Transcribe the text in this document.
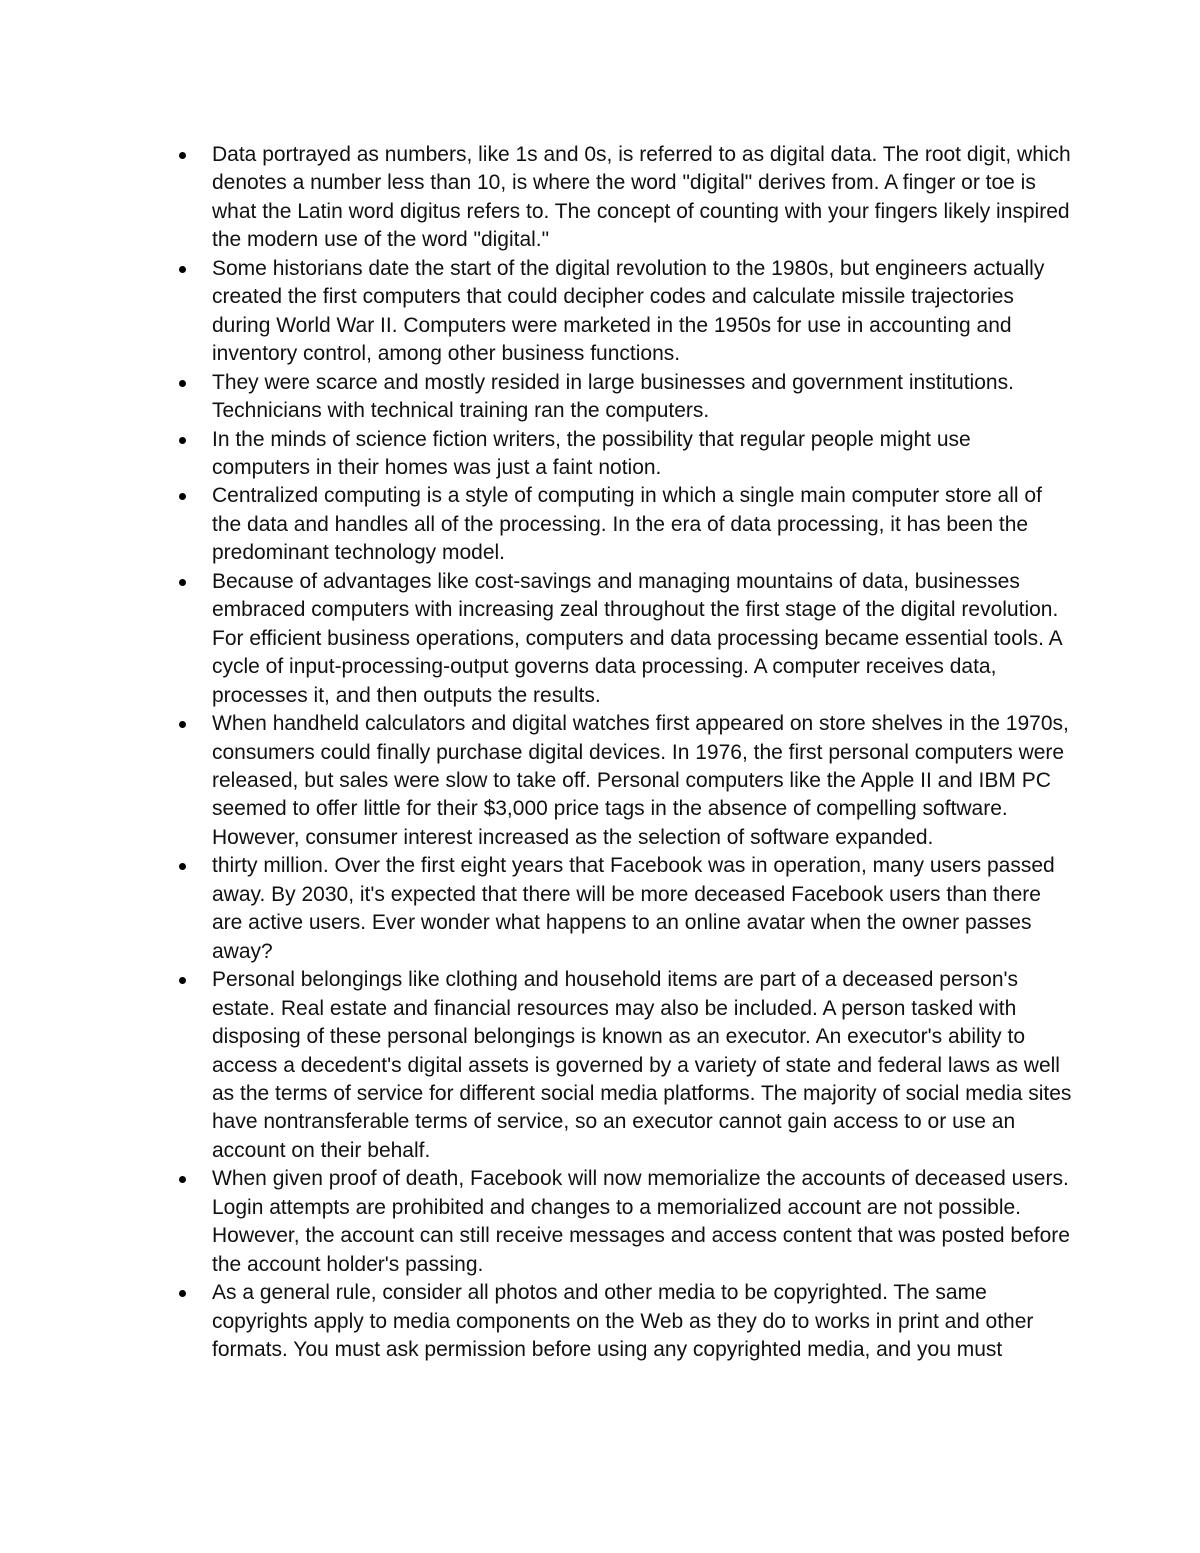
Data portrayed as numbers, like 1s and 0s, is referred to as digital data. The root digit, which denotes a number less than 10, is where the word "digital" derives from. A finger or toe is what the Latin word digitus refers to. The concept of counting with your fingers likely inspired the modern use of the word "digital."
Some historians date the start of the digital revolution to the 1980s, but engineers actually created the first computers that could decipher codes and calculate missile trajectories during World War II. Computers were marketed in the 1950s for use in accounting and inventory control, among other business functions.
They were scarce and mostly resided in large businesses and government institutions. Technicians with technical training ran the computers.
In the minds of science fiction writers, the possibility that regular people might use computers in their homes was just a faint notion.
Centralized computing is a style of computing in which a single main computer store all of the data and handles all of the processing. In the era of data processing, it has been the predominant technology model.
Because of advantages like cost-savings and managing mountains of data, businesses embraced computers with increasing zeal throughout the first stage of the digital revolution. For efficient business operations, computers and data processing became essential tools. A cycle of input-processing-output governs data processing. A computer receives data, processes it, and then outputs the results.
When handheld calculators and digital watches first appeared on store shelves in the 1970s, consumers could finally purchase digital devices. In 1976, the first personal computers were released, but sales were slow to take off. Personal computers like the Apple II and IBM PC seemed to offer little for their $3,000 price tags in the absence of compelling software. However, consumer interest increased as the selection of software expanded.
thirty million. Over the first eight years that Facebook was in operation, many users passed away. By 2030, it's expected that there will be more deceased Facebook users than there are active users. Ever wonder what happens to an online avatar when the owner passes away?
Personal belongings like clothing and household items are part of a deceased person's estate. Real estate and financial resources may also be included. A person tasked with disposing of these personal belongings is known as an executor. An executor's ability to access a decedent's digital assets is governed by a variety of state and federal laws as well as the terms of service for different social media platforms. The majority of social media sites have nontransferable terms of service, so an executor cannot gain access to or use an account on their behalf.
When given proof of death, Facebook will now memorialize the accounts of deceased users. Login attempts are prohibited and changes to a memorialized account are not possible. However, the account can still receive messages and access content that was posted before the account holder's passing.
As a general rule, consider all photos and other media to be copyrighted. The same copyrights apply to media components on the Web as they do to works in print and other formats. You must ask permission before using any copyrighted media, and you must
